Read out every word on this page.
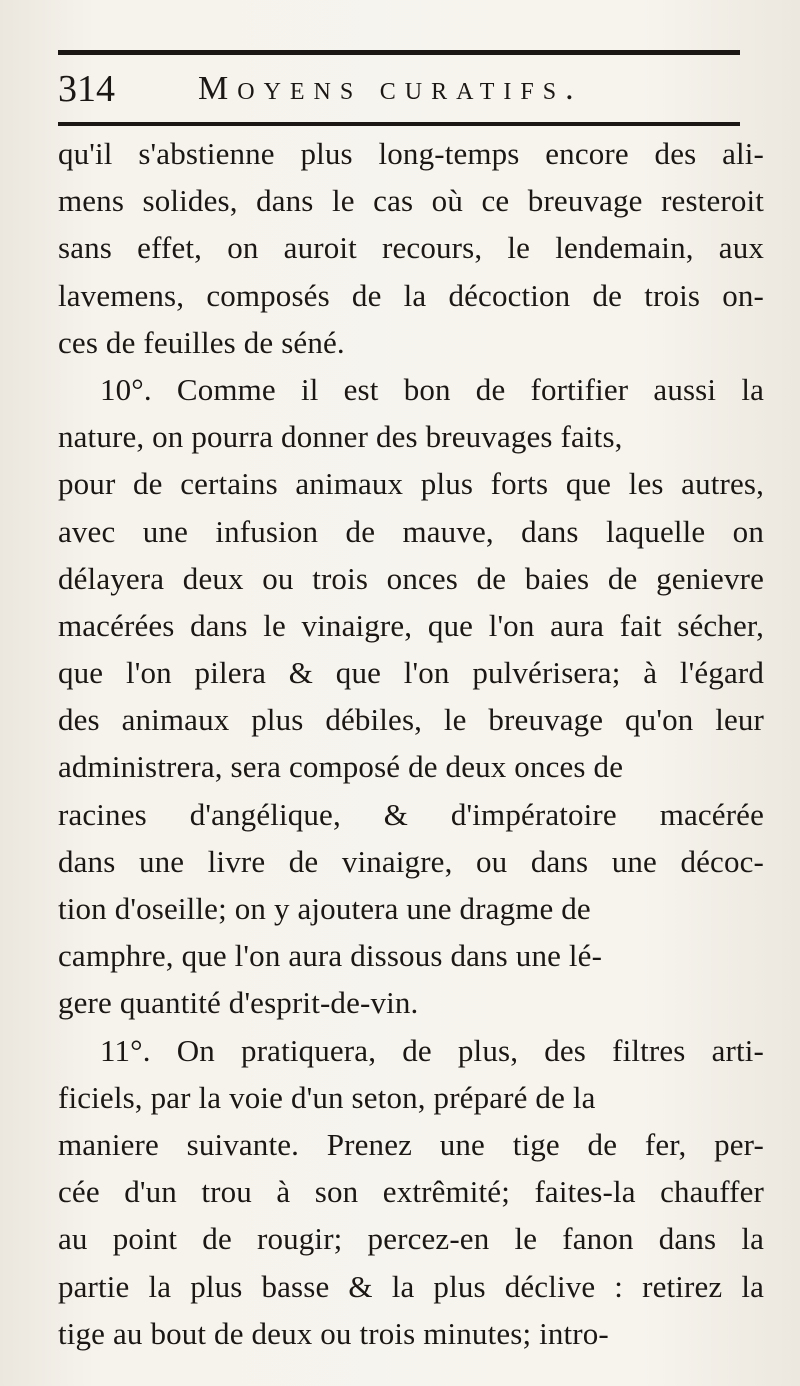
314 Moyens curatifs.
qu'il s'abstienne plus long-temps encore des ali-
mens solides, dans le cas où ce breuvage resteroit
sans effet, on auroit recours, le lendemain, aux
lavemens, composés de la décoction de trois on-
ces de feuilles de séné.
10°. Comme il est bon de fortifier aussi la
nature, on pourra donner des breuvages faits,
pour de certains animaux plus forts que les autres,
avec une infusion de mauve, dans laquelle on
délayera deux ou trois onces de baies de genievre
macérées dans le vinaigre, que l'on aura fait sécher,
que l'on pilera & que l'on pulvérisera; à l'égard
des animaux plus débiles, le breuvage qu'on leur
administrera, sera composé de deux onces de
racines d'angélique, & d'impératoire macérée
dans une livre de vinaigre, ou dans une décoc-
tion d'oseille; on y ajoutera une dragme de
camphre, que l'on aura dissous dans une lé-
gere quantité d'esprit-de-vin.
11°. On pratiquera, de plus, des filtres arti-
ficiels, par la voie d'un seton, préparé de la
maniere suivante. Prenez une tige de fer, per-
cée d'un trou à son extrêmité; faites-la chauffer
au point de rougir; percez-en le fanon dans la
partie la plus basse & la plus déclive : retirez la
tige au bout de deux ou trois minutes; intro-
